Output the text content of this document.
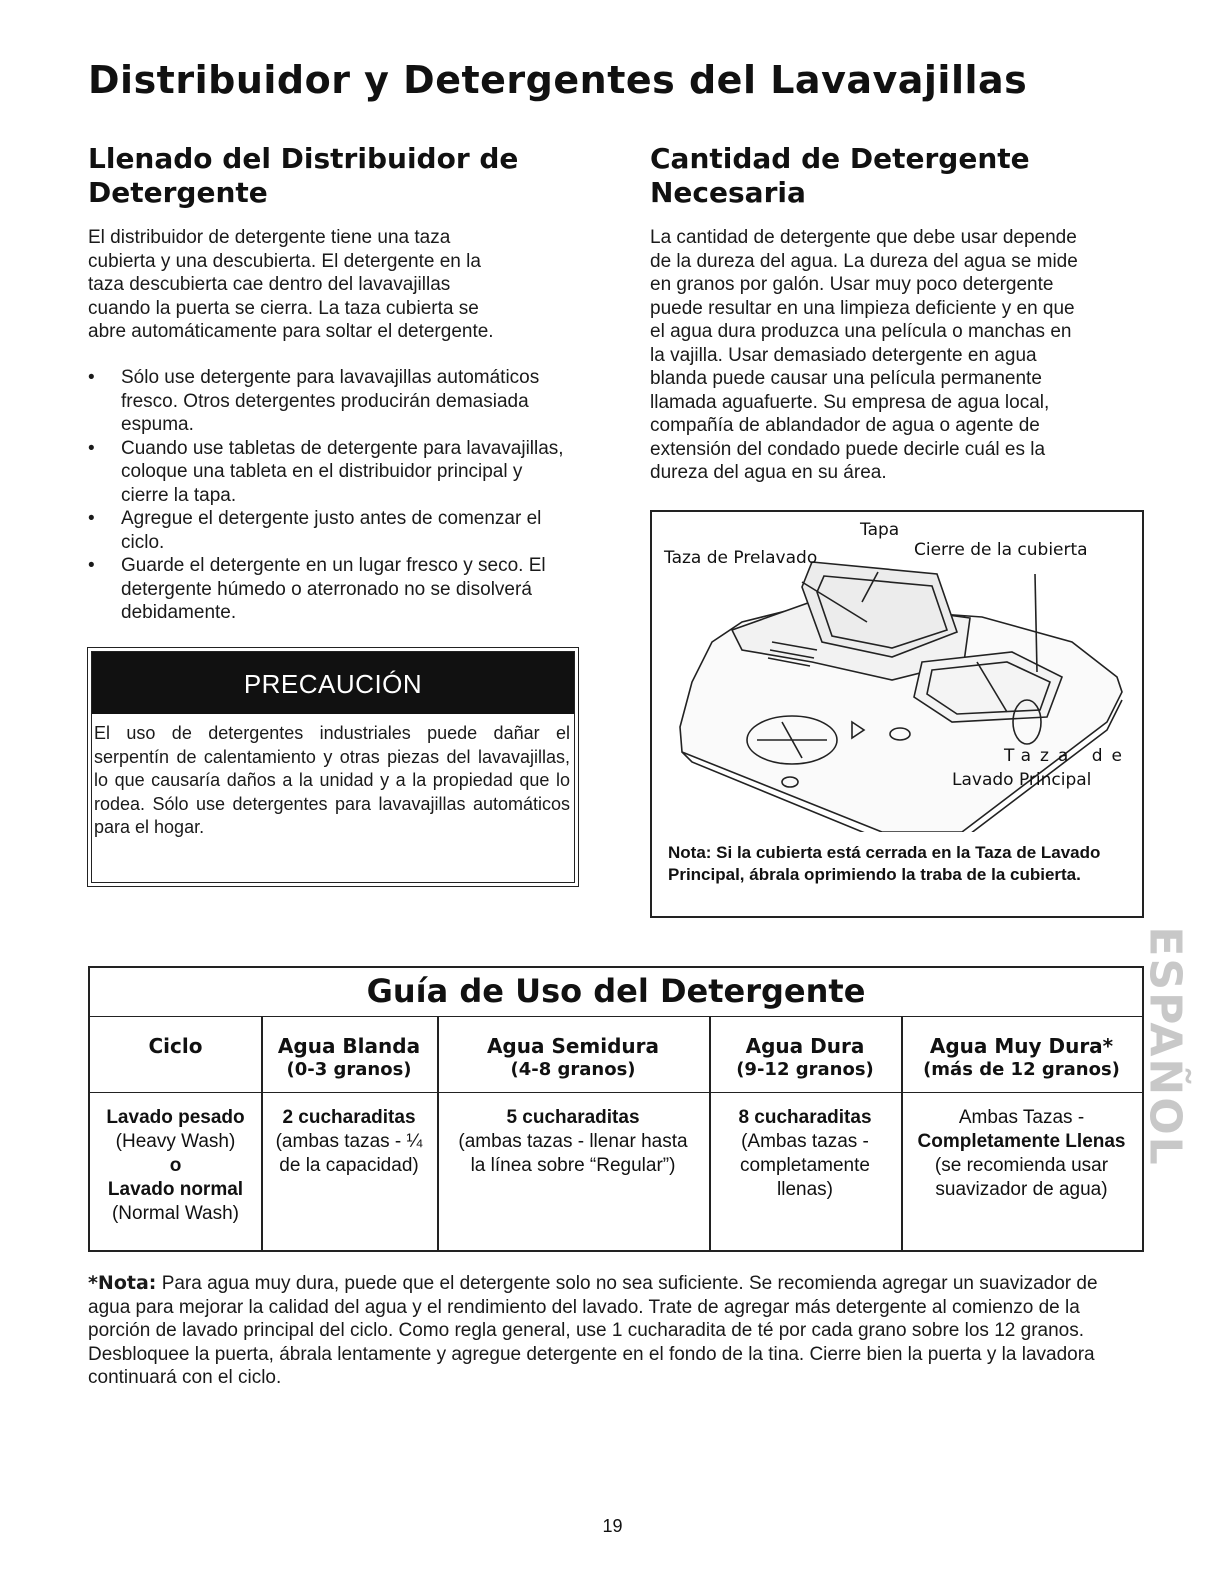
Distribuidor y Detergentes del Lavavajillas
Llenado del Distribuidor de
Detergente
El distribuidor de detergente tiene una taza
cubierta y una descubierta. El detergente en la
taza descubierta cae dentro del lavavajillas
cuando la puerta se cierra. La taza cubierta se
abre automáticamente para soltar el detergente.
• Sólo use detergente para lavavajillas automáticos fresco. Otros detergentes producirán demasiada espuma.
• Cuando use tabletas de detergente para lavavajillas, coloque una tableta en el distribuidor principal y cierre la tapa.
• Agregue el detergente justo antes de comenzar el ciclo.
• Guarde el detergente en un lugar fresco y seco. El detergente húmedo o aterronado no se disolverá debidamente.
PRECAUCIÓN
El uso de detergentes industriales puede dañar el serpentín de calentamiento y otras piezas del lavavajillas, lo que causaría daños a la unidad y a la propiedad que lo rodea. Sólo use detergentes para lavavajillas automáticos para el hogar.
Cantidad de Detergente
Necesaria
La cantidad de detergente que debe usar depende
de la dureza del agua. La dureza del agua se mide
en granos por galón. Usar muy poco detergente
puede resultar en una limpieza deficiente y en que
el agua dura produzca una película o manchas en
la vajilla. Usar demasiado detergente en agua
blanda puede causar una película permanente
llamada aguafuerte. Su empresa de agua local,
compañía de ablandador de agua o agente de
extensión del condado puede decirle cuál es la
dureza del agua en su área.
Tapa
Taza de Prelavado	Cierre de la cubierta
Taza de
Lavado Principal
Nota: Si la cubierta está cerrada en la Taza de Lavado Principal, ábrala oprimiendo la traba de la cubierta.
Guía de Uso del Detergente
Ciclo	Agua Blanda
(0-3 granos)
Agua Semidura
(4-8 granos)
Agua Dura
(9-12 granos)
Agua Muy Dura*
(más de 12 granos)
Lavado pesado
(Heavy Wash)
o
Lavado normal
(Normal Wash)
2 cucharaditas
(ambas tazas - ¼
de la capacidad)
5 cucharaditas
(ambas tazas - llenar hasta
la línea sobre “Regular”)
8 cucharaditas
(Ambas tazas -
completamente
llenas)
Ambas Tazas -
Completamente Llenas
(se recomienda usar
suavizador de agua)
ESPAÑOL
*Nota: Para agua muy dura, puede que el detergente solo no sea suficiente. Se recomienda agregar un suavizador de agua para mejorar la calidad del agua y el rendimiento del lavado. Trate de agregar más detergente al comienzo de la porción de lavado principal del ciclo. Como regla general, use 1 cucharadita de té por cada grano sobre los 12 granos. Desbloquee la puerta, ábrala lentamente y agregue detergente en el fondo de la tina. Cierre bien la puerta y la lavadora continuará con el ciclo.
19
